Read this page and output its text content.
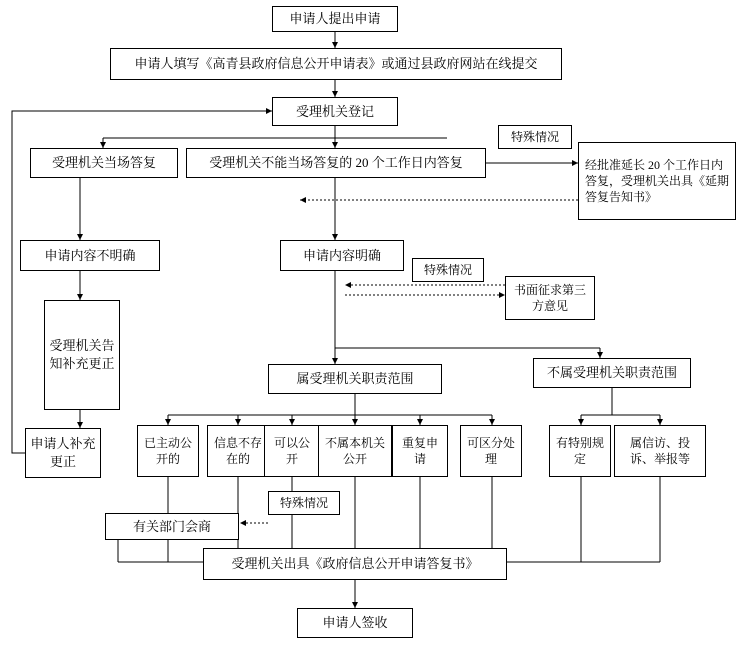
申请人提出申请
申请人填写《高青县政府信息公开申请表》或通过县政府网站在线提交
受理机关登记
受理机关当场答复	受理机关不能当场答复的 20 个工作日内答复
特殊情况
经批准延长 20 个工作日内答复，受理机关出具《延期答复告知书》
申请内容不明确	申请内容明确
特殊情况
书面征求第三方意见
受理机关告知补充更正
申请人补充更正
属受理机关职责范围	不属受理机关职责范围
已主动公开的
信息不存在的
可以公开
不属本机关公开
重复申请
可区分处理
有特别规定
属信访、投诉、举报等
特殊情况
有关部门会商
受理机关出具《政府信息公开申请答复书》
申请人签收
